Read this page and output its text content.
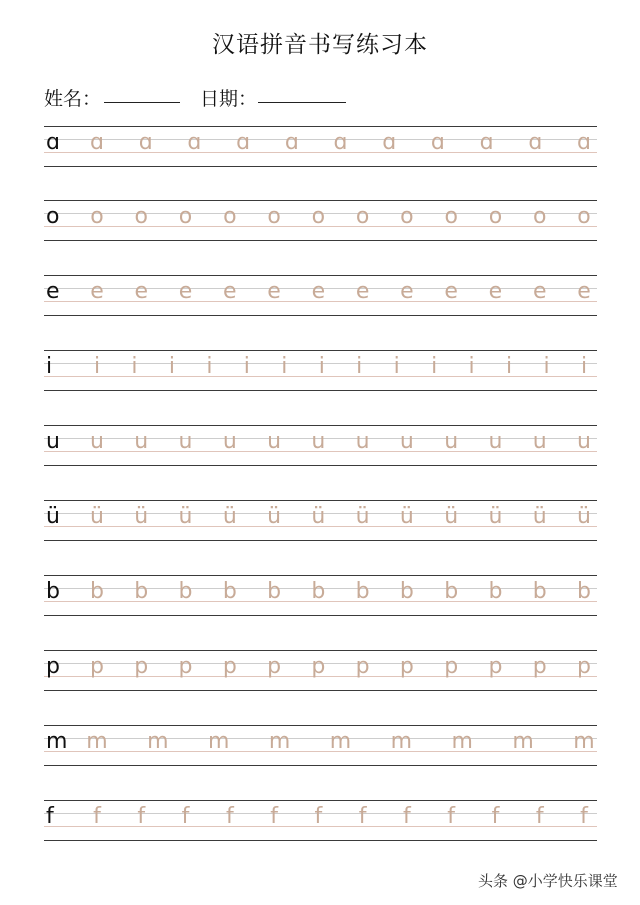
汉语拼音书写练习本
姓名：	日期：
ɑ ɑ ɑ ɑ ɑ ɑ ɑ ɑ ɑ ɑ ɑ ɑ
o o o o o o o o o o o o o
e e e e e e e e e e e e e
i i i i i i i i i i i i i i i
u u u u u u u u u u u u u
ü ü ü ü ü ü ü ü ü ü ü ü ü
b b b b b b b b b b b b b
p p p p p p p p p p p p p
m m m m m m m m m m
f f f f f f f f f f f f f
头条 @小学快乐课堂
